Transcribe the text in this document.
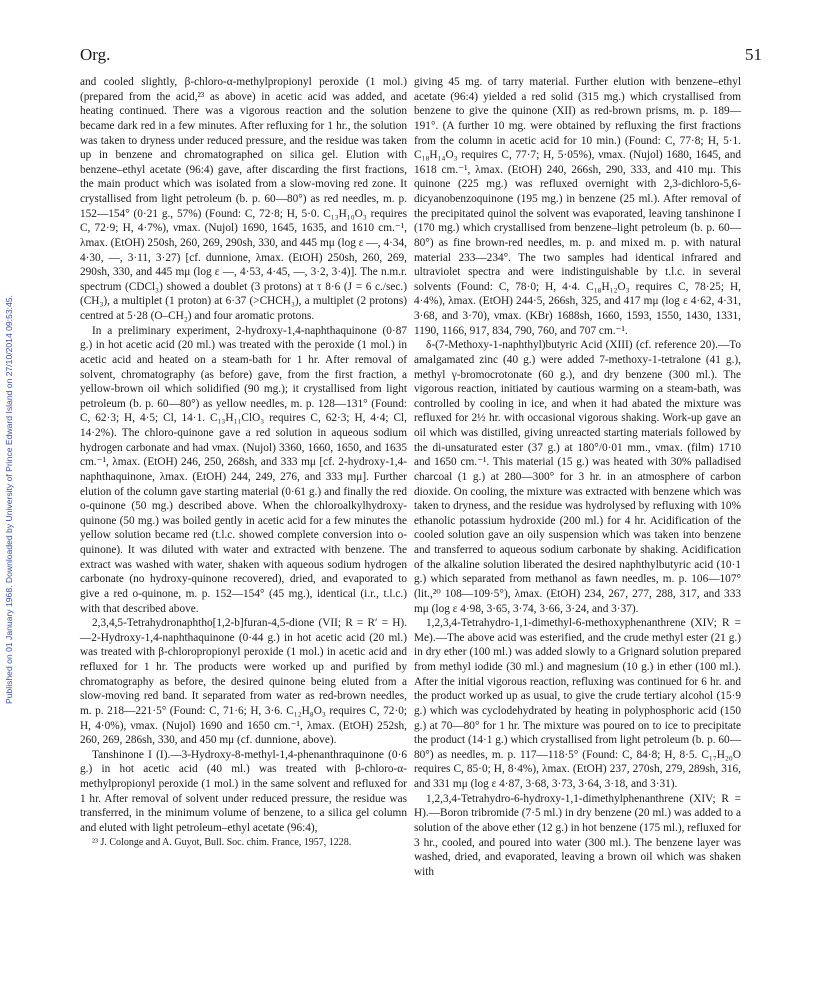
Published on 01 January 1968. Downloaded by University of Prince Edward Island on 27/10/2014 09:53:45.
Org.	51

and cooled slightly, β-chloro-α-methylpropionyl peroxide (1 mol.) (prepared from the acid,²³ as above) in acetic acid was added, and heating continued. There was a vigorous reaction and the solution became dark red in a few minutes. After refluxing for 1 hr., the solution was taken to dryness under reduced pressure, and the residue was taken up in benzene and chromatographed on silica gel. Elution with benzene–ethyl acetate (96:4) gave, after discarding the first fractions, the main product which was isolated from a slow-moving red zone. It crystallised from light petroleum (b. p. 60—80°) as red needles, m. p. 152—154° (0·21 g., 57%) (Found: C, 72·8; H, 5·0. C₁₃H₁₀O₃ requires C, 72·9; H, 4·7%), νmax. (Nujol) 1690, 1645, 1635, and 1610 cm.⁻¹, λmax. (EtOH) 250sh, 260, 269, 290sh, 330, and 445 mμ (log ε —, 4·34, 4·30, —, 3·11, 3·27) [cf. dunnione, λmax. (EtOH) 250sh, 260, 269, 290sh, 330, and 445 mμ (log ε —, 4·53, 4·45, —, 3·2, 3·4)]. The n.m.r. spectrum (CDCl₃) showed a doublet (3 protons) at τ 8·6 (J = 6 c./sec.) (CH₃), a multiplet (1 proton) at 6·37 (>CHCH₃), a multiplet (2 protons) centred at 5·28 (O–CH₂) and four aromatic protons.

In a preliminary experiment, 2-hydroxy-1,4-naphthaquinone (0·87 g.) in hot acetic acid (20 ml.) was treated with the peroxide (1 mol.) in acetic acid and heated on a steam-bath for 1 hr. After removal of solvent, chromatography (as before) gave, from the first fraction, a yellow-brown oil which solidified (90 mg.); it crystallised from light petroleum (b. p. 60—80°) as yellow needles, m. p. 128—131° (Found: C, 62·3; H, 4·5; Cl, 14·1. C₁₃H₁₁ClO₃ requires C, 62·3; H, 4·4; Cl, 14·2%). The chloro-quinone gave a red solution in aqueous sodium hydrogen carbonate and had νmax. (Nujol) 3360, 1660, 1650, and 1635 cm.⁻¹, λmax. (EtOH) 246, 250, 268sh, and 333 mμ [cf. 2-hydroxy-1,4-naphthaquinone, λmax. (EtOH) 244, 249, 276, and 333 mμ]. Further elution of the column gave starting material (0·61 g.) and finally the red o-quinone (50 mg.) described above. When the chloroalkylhydroxy-quinone (50 mg.) was boiled gently in acetic acid for a few minutes the yellow solution became red (t.l.c. showed complete conversion into o-quinone). It was diluted with water and extracted with benzene. The extract was washed with water, shaken with aqueous sodium hydrogen carbonate (no hydroxy-quinone recovered), dried, and evaporated to give a red o-quinone, m. p. 152—154° (45 mg.), identical (i.r., t.l.c.) with that described above.

2,3,4,5-Tetrahydronaphtho[1,2-b]furan-4,5-dione (VII; R = R′ = H).—2-Hydroxy-1,4-naphthaquinone (0·44 g.) in hot acetic acid (20 ml.) was treated with β-chloropropionyl peroxide (1 mol.) in acetic acid and refluxed for 1 hr. The products were worked up and purified by chromatography as before, the desired quinone being eluted from a slow-moving red band. It separated from water as red-brown needles, m. p. 218—221·5° (Found: C, 71·6; H, 3·6. C₁₂H₈O₃ requires C, 72·0; H, 4·0%), νmax. (Nujol) 1690 and 1650 cm.⁻¹, λmax. (EtOH) 252sh, 260, 269, 286sh, 330, and 450 mμ (cf. dunnione, above).

Tanshinone I (I).—3-Hydroxy-8-methyl-1,4-phenanthraquinone (0·6 g.) in hot acetic acid (40 ml.) was treated with β-chloro-α-methylpropionyl peroxide (1 mol.) in the same solvent and refluxed for 1 hr. After removal of solvent under reduced pressure, the residue was transferred, in the minimum volume of benzene, to a silica gel column and eluted with light petroleum–ethyl acetate (96:4),

²³ J. Colonge and A. Guyot, Bull. Soc. chim. France, 1957, 1228.

giving 45 mg. of tarry material. Further elution with benzene–ethyl acetate (96:4) yielded a red solid (315 mg.) which crystallised from benzene to give the quinone (XII) as red-brown prisms, m. p. 189—191°. (A further 10 mg. were obtained by refluxing the first fractions from the column in acetic acid for 10 min.) (Found: C, 77·8; H, 5·1. C₁₈H₁₄O₃ requires C, 77·7; H, 5·05%), νmax. (Nujol) 1680, 1645, and 1618 cm.⁻¹, λmax. (EtOH) 240, 266sh, 290, 333, and 410 mμ. This quinone (225 mg.) was refluxed overnight with 2,3-dichloro-5,6-dicyanobenzoquinone (195 mg.) in benzene (25 ml.). After removal of the precipitated quinol the solvent was evaporated, leaving tanshinone I (170 mg.) which crystallised from benzene–light petroleum (b. p. 60—80°) as fine brown-red needles, m. p. and mixed m. p. with natural material 233—234°. The two samples had identical infrared and ultraviolet spectra and were indistinguishable by t.l.c. in several solvents (Found: C, 78·0; H, 4·4. C₁₈H₁₂O₃ requires C, 78·25; H, 4·4%), λmax. (EtOH) 244·5, 266sh, 325, and 417 mμ (log ε 4·62, 4·31, 3·68, and 3·70), νmax. (KBr) 1688sh, 1660, 1593, 1550, 1430, 1331, 1190, 1166, 917, 834, 790, 760, and 707 cm.⁻¹.

δ-(7-Methoxy-1-naphthyl)butyric Acid (XIII) (cf. reference 20).—To amalgamated zinc (40 g.) were added 7-methoxy-1-tetralone (41 g.), methyl γ-bromocrotonate (60 g.), and dry benzene (300 ml.). The vigorous reaction, initiated by cautious warming on a steam-bath, was controlled by cooling in ice, and when it had abated the mixture was refluxed for 2½ hr. with occasional vigorous shaking. Work-up gave an oil which was distilled, giving unreacted starting materials followed by the di-unsaturated ester (37 g.) at 180°/0·01 mm., νmax. (film) 1710 and 1650 cm.⁻¹. This material (15 g.) was heated with 30% palladised charcoal (1 g.) at 280—300° for 3 hr. in an atmosphere of carbon dioxide. On cooling, the mixture was extracted with benzene which was taken to dryness, and the residue was hydrolysed by refluxing with 10% ethanolic potassium hydroxide (200 ml.) for 4 hr. Acidification of the cooled solution gave an oily suspension which was taken into benzene and transferred to aqueous sodium carbonate by shaking. Acidification of the alkaline solution liberated the desired naphthylbutyric acid (10·1 g.) which separated from methanol as fawn needles, m. p. 106—107° (lit.,²⁰ 108—109·5°), λmax. (EtOH) 234, 267, 277, 288, 317, and 333 mμ (log ε 4·98, 3·65, 3·74, 3·66, 3·24, and 3·37).

1,2,3,4-Tetrahydro-1,1-dimethyl-6-methoxyphenanthrene (XIV; R = Me).—The above acid was esterified, and the crude methyl ester (21 g.) in dry ether (100 ml.) was added slowly to a Grignard solution prepared from methyl iodide (30 ml.) and magnesium (10 g.) in ether (100 ml.). After the initial vigorous reaction, refluxing was continued for 6 hr. and the product worked up as usual, to give the crude tertiary alcohol (15·9 g.) which was cyclodehydrated by heating in polyphosphoric acid (150 g.) at 70—80° for 1 hr. The mixture was poured on to ice to precipitate the product (14·1 g.) which crystallised from light petroleum (b. p. 60—80°) as needles, m. p. 117—118·5° (Found: C, 84·8; H, 8·5. C₁₇H₂₀O requires C, 85·0; H, 8·4%), λmax. (EtOH) 237, 270sh, 279, 289sh, 316, and 331 mμ (log ε 4·87, 3·68, 3·73, 3·64, 3·18, and 3·31).

1,2,3,4-Tetrahydro-6-hydroxy-1,1-dimethylphenanthrene (XIV; R = H).—Boron tribromide (7·5 ml.) in dry benzene (20 ml.) was added to a solution of the above ether (12 g.) in hot benzene (175 ml.), refluxed for 3 hr., cooled, and poured into water (300 ml.). The benzene layer was washed, dried, and evaporated, leaving a brown oil which was shaken with
